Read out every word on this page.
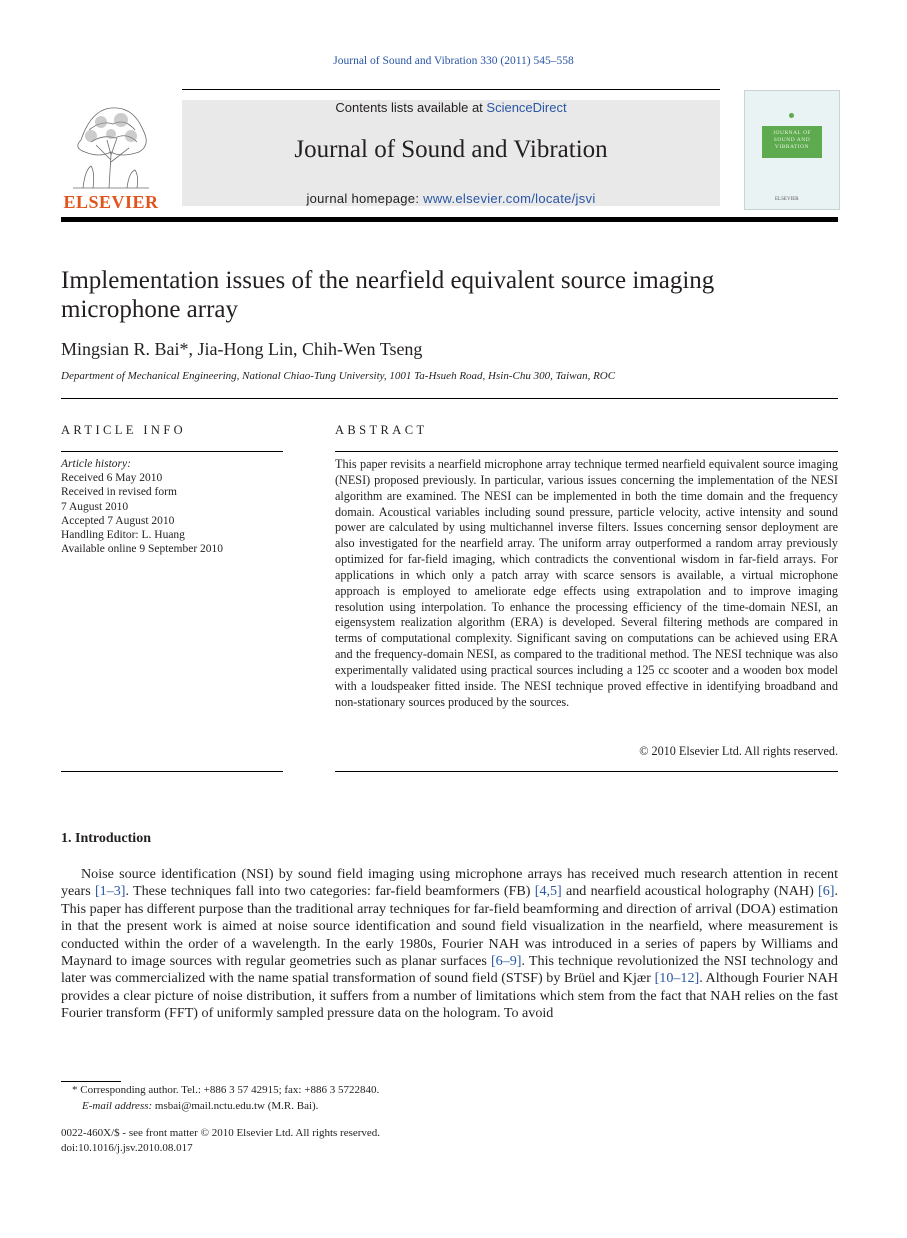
Journal of Sound and Vibration 330 (2011) 545–558
ELSEVIER
Contents lists available at ScienceDirect
Journal of Sound and Vibration
journal homepage: www.elsevier.com/locate/jsvi
JOURNAL OF SOUND AND VIBRATION
ELSEVIER
Implementation issues of the nearfield equivalent source imaging microphone array
Mingsian R. Bai*, Jia-Hong Lin, Chih-Wen Tseng
Department of Mechanical Engineering, National Chiao-Tung University, 1001 Ta-Hsueh Road, Hsin-Chu 300, Taiwan, ROC
ARTICLE INFO	ABSTRACT
Article history:
Received 6 May 2010
Received in revised form
7 August 2010
Accepted 7 August 2010
Handling Editor: L. Huang
Available online 9 September 2010
This paper revisits a nearfield microphone array technique termed nearfield equivalent source imaging (NESI) proposed previously. In particular, various issues concerning the implementation of the NESI algorithm are examined. The NESI can be implemented in both the time domain and the frequency domain. Acoustical variables including sound pressure, particle velocity, active intensity and sound power are calculated by using multichannel inverse filters. Issues concerning sensor deployment are also investigated for the nearfield array. The uniform array outperformed a random array previously optimized for far-field imaging, which contradicts the conventional wisdom in far-field arrays. For applications in which only a patch array with scarce sensors is available, a virtual microphone approach is employed to ameliorate edge effects using extrapolation and to improve imaging resolution using interpolation. To enhance the processing efficiency of the time-domain NESI, an eigensystem realization algorithm (ERA) is developed. Several filtering methods are compared in terms of computational complexity. Significant saving on computations can be achieved using ERA and the frequency-domain NESI, as compared to the traditional method. The NESI technique was also experimentally validated using practical sources including a 125 cc scooter and a wooden box model with a loudspeaker fitted inside. The NESI technique proved effective in identifying broadband and non-stationary sources produced by the sources.
© 2010 Elsevier Ltd. All rights reserved.
1. Introduction
Noise source identification (NSI) by sound field imaging using microphone arrays has received much research attention in recent years [1–3]. These techniques fall into two categories: far-field beamformers (FB) [4,5] and nearfield acoustical holography (NAH) [6]. This paper has different purpose than the traditional array techniques for far-field beamforming and direction of arrival (DOA) estimation in that the present work is aimed at noise source identification and sound field visualization in the nearfield, where measurement is conducted within the order of a wavelength. In the early 1980s, Fourier NAH was introduced in a series of papers by Williams and Maynard to image sources with regular geometries such as planar surfaces [6–9]. This technique revolutionized the NSI technology and later was commercialized with the name spatial transformation of sound field (STSF) by Brüel and Kjær [10–12]. Although Fourier NAH provides a clear picture of noise distribution, it suffers from a number of limitations which stem from the fact that NAH relies on the fast Fourier transform (FFT) of uniformly sampled pressure data on the hologram. To avoid
* Corresponding author. Tel.: +886 3 57 42915; fax: +886 3 5722840.
E-mail address: msbai@mail.nctu.edu.tw (M.R. Bai).
0022-460X/$ - see front matter © 2010 Elsevier Ltd. All rights reserved.
doi:10.1016/j.jsv.2010.08.017
